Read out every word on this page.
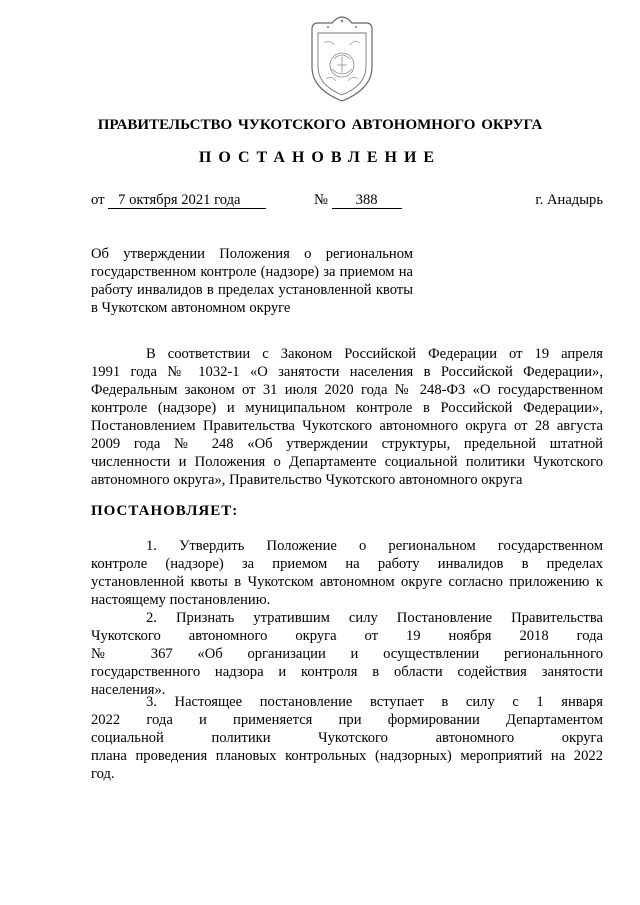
ПРАВИТЕЛЬСТВО ЧУКОТСКОГО АВТОНОМНОГО ОКРУГА
ПОСТАНОВЛЕНИЕ
от 7 октября 2021 года	№ 388	г. Анадырь
Об утверждении Положения о региональном государственном контроле (надзоре) за приемом на работу инвалидов в пределах установленной квоты в Чукотском автономном округе
В соответствии с Законом Российской Федерации от 19 апреля
1991 года № 1032-1 «О занятости населения в Российской Федерации»,
Федеральным законом от 31 июля 2020 года № 248-ФЗ «О государственном
контроле (надзоре) и муниципальном контроле в Российской Федерации»,
Постановлением Правительства Чукотского автономного округа от 28 августа
2009 года № 248 «Об утверждении структуры, предельной штатной
численности и Положения о Департаменте социальной политики Чукотского
автономного округа», Правительство Чукотского автономного округа
ПОСТАНОВЛЯЕТ:
1. Утвердить Положение о региональном государственном
контроле (надзоре) за приемом на работу инвалидов в пределах
установленной квоты в Чукотском автономном округе согласно приложению к
настоящему постановлению.
2. Признать утратившим силу Постановление Правительства
Чукотского автономного округа от 19 ноября 2018 года
№ 367 «Об организации и осуществлении региональнного
государственного надзора и контроля в области содействия занятости
населения».
3. Настоящее постановление вступает в силу с 1 января
2022 года и применяется при формировании Департаментом
социальной политики Чукотского автономного округа
плана проведения плановых контрольных (надзорных) мероприятий на 2022
год.
